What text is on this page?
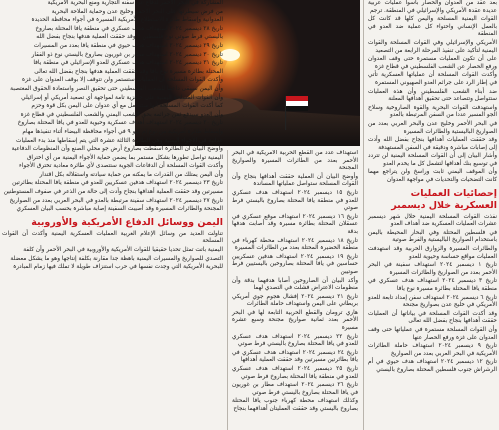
بعد عقد من العدوان والحصار بأسوأ عمليات عربية عديدة عقدة الأمريكي والإسرائيلي في المنطقة. ترجم

القوات اليمنية المسلحة واليمن كلها قد كانت كل بالعمل الإنساني واحتواء كل عملية ضد العدو في المنطقة

الأمريكي والإسرائيلي وفي القوات المسلحة والقوات اليمنية لتأكيد على تنفيذ المرحلة الرابعة من التصعيد

على أن تكون العمليات مستمرة حتى وقف العدوان ورفع الحصار عن الشعب الفلسطيني في قطاع غزة

وأكدت القوات المسلحة أن عملياتها العسكرية تأتي في إطار الرد على جرائم العدو الصهيوني المستمرة

ضد أبناء الشعب الفلسطيني وأن هذه العمليات ستتواصل وتتصاعد حتى تحقيق أهدافها المعلنة

واستهدفت القوات البحرية والقوة الصاروخية وسلاح الجو المسير عددا من السفن المرتبطة بالعدو

في البحر الأحمر وخليج عدن والبحر العربي بعدد من الصواريخ الباليستية والطائرات المسيرة

وقد حققت العمليات أهدافها بنجاح بفضل الله وأدت إلى إصابات مباشرة ودقيقة في السفن المستهدفة

وأشار البيان إلى أن القوات المسلحة اليمنية لن تتردد في توسيع بنك أهدافها لتشمل كل ما يخدم العدو

وأن الموقف اليمني ثابت وراسخ ولن يتراجع مهما كانت التضحيات والتحديات في مواجهة العدوان

إحصائيات العمليات العسكرية خلال ديسمبر

نفذت القوات المسلحة اليمنية خلال شهر ديسمبر عشرات العمليات العسكرية ضد أهداف العدو

في فلسطين المحتلة وفي البحار المحيطة باليمن باستخدام الصواريخ الباليستية والفرط صوتية

والطائرات المسيرة والزوارق الحربية وقد استهدفت العمليات مواقع حساسة وحيوية للعدو

تاريخ ١ ديسمبر ٢٠٢٤ استهداف سفينة في البحر الأحمر بعدد من الصواريخ والطائرات المسيرة

تاريخ ٣ ديسمبر ٢٠٢٤ استهداف هدف عسكري في منطقة يافا المحتلة بطائرة مسيرة نوع يافا

تاريخ ٦ ديسمبر ٢٠٢٤ استهداف سفن إمداد تابعة للعدو الأمريكي في خليج عدن بصواريخ مجنحة

وقد أكدت القوات المسلحة في بياناتها أن العمليات حققت أهدافها بنجاح بفضل الله تعالى

وأن القوات المسلحة مستمرة في عملياتها حتى وقف العدوان على غزة ورفع الحصار عنها

تاريخ ٩ ديسمبر ٢٠٢٤ استهداف حاملة الطائرات الأمريكية في البحر العربي بعدد من الصواريخ

تاريخ ١٢ ديسمبر ٢٠٢٤ استهداف هدف حيوي في أم الرشراش جنوب فلسطين المحتلة بصاروخ باليستي

استهداف عدد من القطع الحربية الأمريكية في البحر الأحمر بعدد من الطائرات المسيرة والصواريخ المجنحة

وأوضح البيان أن العملية حققت أهدافها بنجاح وأن القوات المسلحة ستواصل عملياتها المساندة

تاريخ ١٥ ديسمبر ٢٠٢٤ استهداف هدف عسكري للعدو في منطقة يافا المحتلة بصاروخ باليستي فرط صوتي

تاريخ ١٦ ديسمبر ٢٠٢٤ استهداف موقع عسكري في عسقلان المحتلة بطائرة مسيرة وقد أصابت هدفها بدقة

تاريخ ١٨ ديسمبر ٢٠٢٤ استهداف محطة كهرباء في منطقة الخضيرة المحتلة بعدد من الطائرات المسيرة

تاريخ ١٩ ديسمبر ٢٠٢٤ استهداف هدفين عسكريين حساسين في يافا المحتلة بصاروخين باليستيين فرط صوتيين

وأكد البيان أن الصاروخين أصابا هدفهما بدقة وأن منظومات الاعتراض فشلت في التصدي لهما

تاريخ ٢١ ديسمبر ٢٠٢٤ إفشال هجوم جوي أمريكي بريطاني على اليمن واستهداف حاملة الطائرات

هاري ترومان والقطع الحربية التابعة لها في البحر الأحمر بعدد ثمانية صواريخ مجنحة وسبع عشرة مسيرة

تاريخ ٢٢ ديسمبر ٢٠٢٤ استهداف هدف عسكري للعدو في يافا المحتلة بصاروخ باليستي فرط صوتي

تاريخ ٢٤ ديسمبر ٢٠٢٤ استهداف هدف عسكري في يافا بطائرتين مسيرتين وقد حققت العملية أهدافها

تاريخ ٢٥ ديسمبر ٢٠٢٤ استهداف هدف عسكري للعدو في منطقة يافا المحتلة بصاروخ فرط صوتي

تاريخ ٢٦ ديسمبر ٢٠٢٤ استهداف مطار بن غوريون في يافا المحتلة بصاروخ باليستي فرط صوتي

وكذلك استهداف محطة كهرباء جنوب يافا المحتلة بصاروخ باليستي وقد حققت العمليتان أهدافهما بنجاح

المشاركة في البحر الأحمر لدفاع عن سفنه التجارية ومنع البحرية الأمريكية

من فرض سيطرتها على البحر الأحمر وخليج عدن وحماية الملاحة البحرية

العدوانية وإسقاط طائرة الاستطلاع الأمريكية المسيرة في أجواء محافظة الحديدة

تاريخ ٢٨ ديسمبر ٢٠٢٤ استهداف هدف عسكري في منطقة يافا المحتلة بصاروخ

باليستي فرط صوتي نوع فلسطين ٢ وقد حققت العملية هدفها بنجاح بفضل الله

تاريخ ٢٩ ديسمبر ٢٠٢٤ استهداف هدف حيوي في منطقة يافا بعدد من المسيرات

تاريخ ٣٠ ديسمبر ٢٠٢٤ استهداف مطار بن غوريون بصاروخ باليستي نوع ذو الفقار

تاريخ ٣١ ديسمبر ٢٠٢٤ استهداف هدف عسكري للعدو الإسرائيلي في منطقة يافا

المحتلة بطائرة مسيرة نوع يافا وقد حققت العملية هدفها بنجاح بفضل الله تعالى

وأكدت القوات المسلحة أن العمليات ستستمر ولن تتوقف إلا بوقف العدوان على غزة

وأن اليمن سيبقى داعما للشعب الفلسطيني حتى تحقيق النصر واستعادة الحقوق المغتصبة

وأن القوات المسلحة اليمنية على جاهزية تامة لمواجهة أي تصعيد أمريكي أو إسرائيلي

كما أكدت القوات المسلحة أنها ستتعامل مع أي عدوان على اليمن بكل قوة وحزم

وأن العدو سيدفع ثمن جرائمه بحق الشعب اليمني والشعب الفلسطيني في قطاع غزة

تاريخ ٢٠ ديسمبر ٢٠٢٤ استهداف أهداف عسكرية وحيوية للعدو في يافا المحتلة بصاروخ

وإسقاط طائرة أمريكية من نوع إم كيو ٩ في أجواء محافظة البيضاء أثناء تنفيذها مهام

عدائية في الأجواء اليمنية وهي الطائرة الثالثة عشرة التي يتم إسقاطها منذ بدء العمليات

وأوضح البيان أن الطائرة أسقطت بصاروخ أرض جو محلي الصنع وأن المنظومات الدفاعية

اليمنية تواصل تطورها بشكل مستمر بما يضمن حماية الأجواء اليمنية من أي اختراق

وأكدت القوات المسلحة أن الدفاعات الجوية ستتصدى لأي طائرة معادية تخترق الأجواء

وأن اليمن يمتلك من القدرات ما يمكنه من حماية سيادته واستقلاله بكل اقتدار

تاريخ ٢٣ ديسمبر ٢٠٢٤ استهداف هدفين عسكريين للعدو في منطقة يافا المحتلة بطائرتين

مسيرتين وقد حققت العملية أهدافها بنجاح وأدت إلى حالة من الذعر في صفوف المستوطنين

تاريخ ٢٧ ديسمبر ٢٠٢٤ استهداف سفينة مرتبطة بالعدو في البحر العربي بعدد من الصواريخ

المجنحة والطائرات المسيرة وقد أصيبت السفينة إصابة مباشرة بحسب البيان العسكري

اليمن ووسائل الدفاع الأمريكية والأوروبية

تناولت العديد من وسائل الإعلام الغربية العمليات العسكرية اليمنية وأكدت أن القوات المسلحة

اليمنية باتت تمثل تحديا حقيقيا للقوات الأمريكية والأوروبية في البحر الأحمر وأن كلفة

التصدي للصواريخ والمسيرات اليمنية باهظة جدا مقارنة بكلفة إنتاجها وهو ما يشكل معضلة

للبحرية الأمريكية التي وجدت نفسها في حرب استنزاف طويلة لا تملك فيها زمام المبادرة
